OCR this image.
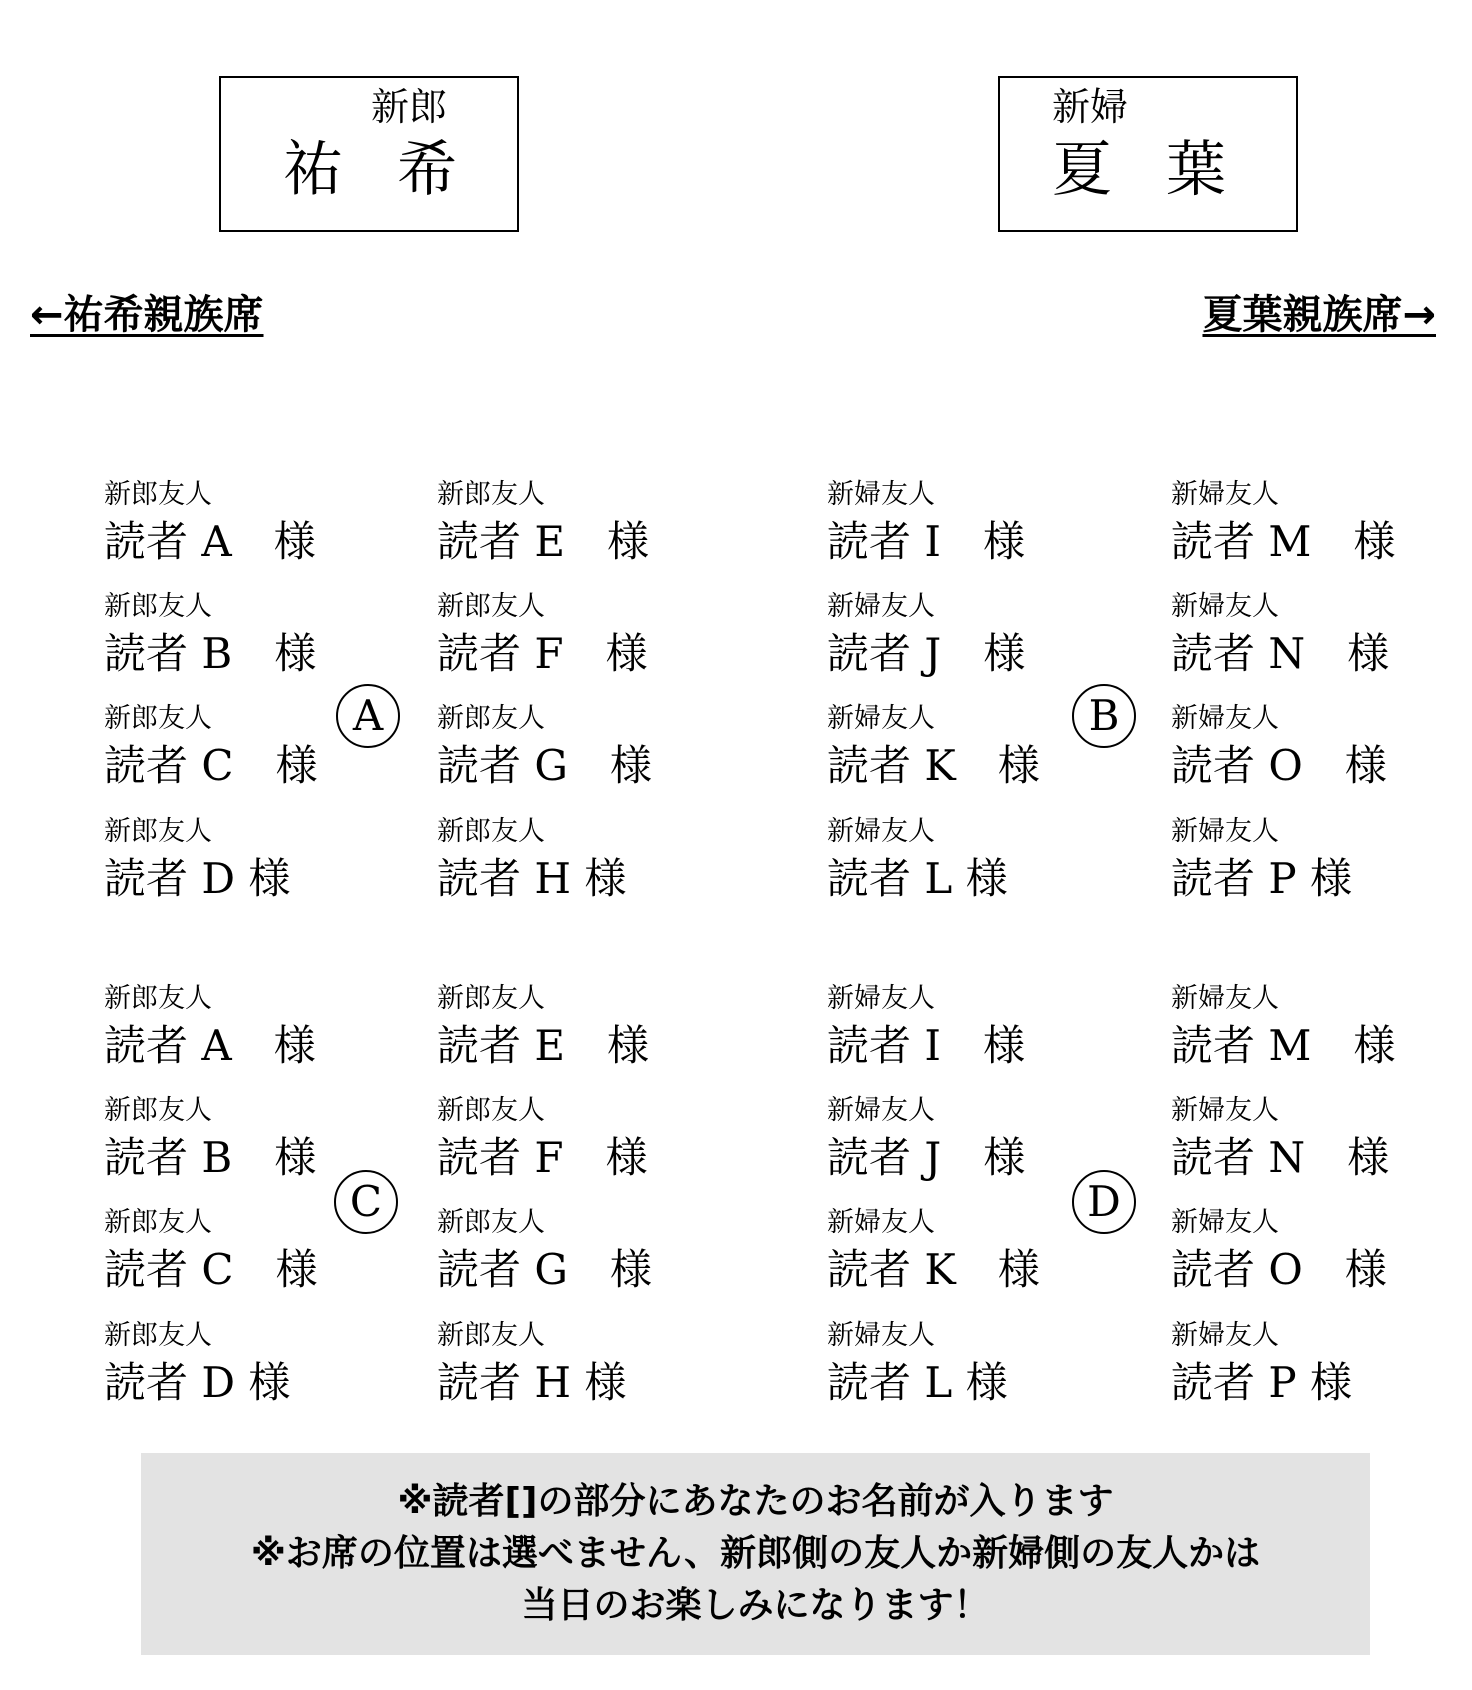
新郎
祐 希
新婦
夏 葉
←祐希親族席	夏葉親族席→
新郎友人
読者 A　様
新郎友人
読者 B　様
新郎友人
読者 C　様
新郎友人
読者 D 様
A
新郎友人
読者 E　様
新郎友人
読者 F　様
新郎友人
読者 G　様
新郎友人
読者 H 様
新婦友人
読者 I　様
新婦友人
読者 J　様
新婦友人
読者 K　様
新婦友人
読者 L 様
B
新婦友人
読者 M　様
新婦友人
読者 N　様
新婦友人
読者 O　様
新婦友人
読者 P 様
新郎友人
読者 A　様
新郎友人
読者 B　様
新郎友人
読者 C　様
新郎友人
読者 D 様
C
新郎友人
読者 E　様
新郎友人
読者 F　様
新郎友人
読者 G　様
新郎友人
読者 H 様
新婦友人
読者 I　様
新婦友人
読者 J　様
新婦友人
読者 K　様
新婦友人
読者 L 様
D
新婦友人
読者 M　様
新婦友人
読者 N　様
新婦友人
読者 O　様
新婦友人
読者 P 様
※読者[]の部分にあなたのお名前が入ります
※お席の位置は選べません、新郎側の友人か新婦側の友人かは
当日のお楽しみになります！
